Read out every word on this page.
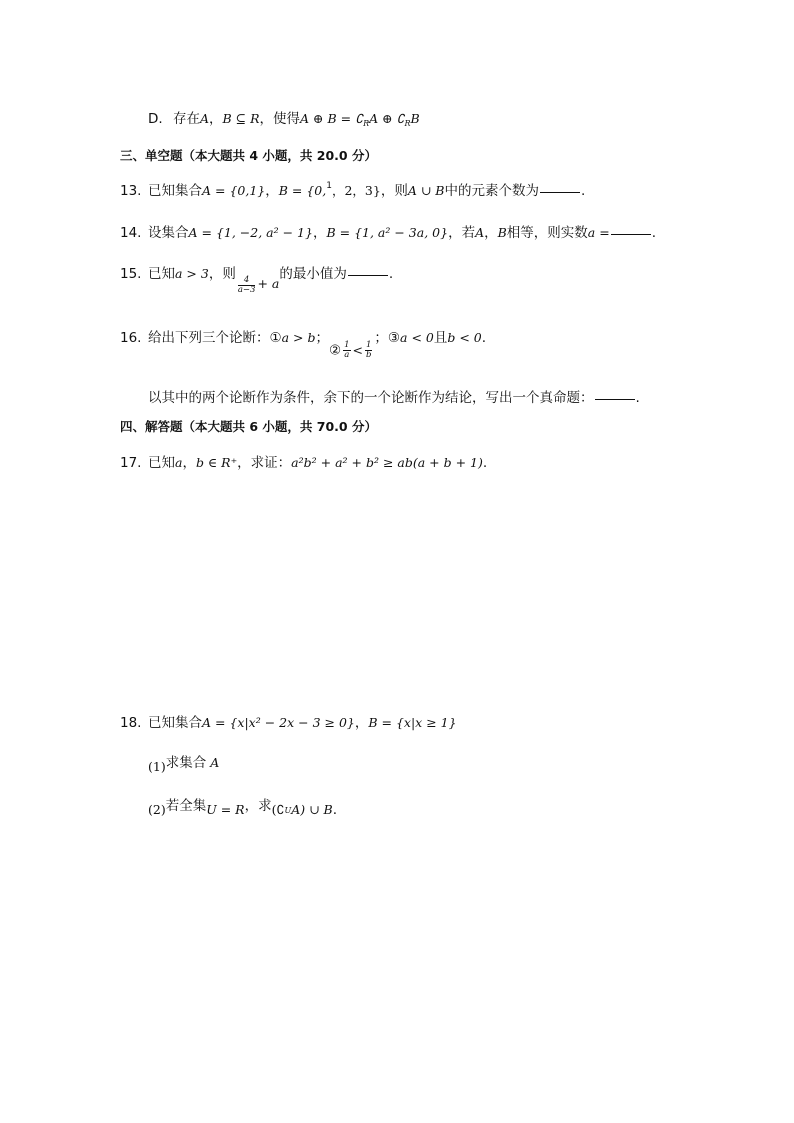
D. 存在A，B ⊆ R，使得A ⊕ $B = ∁_RA$ ⊕ $∁_RB$
三、单空题（本大题共 4 小题，共 20.0 分）
13. 已知集合A = {0,1}，B = {0,$^1$，2，3}，则A ∪ B中的元素个数为	.
14. 设集合A = {1, −2, a² − 1}，B = {1, a² − 3a, 0}，若A，B相等，则实数a =	.
15. 已知a > 3，则
$\frac{4}{a-3} + a$的最小值为	.
16. 给出下列三个论断：①a > b；② $\frac{1}{a} < \frac{1}{b}$
；③a < 0且b < 0.
以其中的两个论断作为条件，余下的一个论断作为结论，写出一个真命题：	.
四、解答题（本大题共 6 小题，共 70.0 分）
17. 已知a，b ∈ R⁺，求证：a²b² + a² + b² ≥ ab(a + b + 1).
18. 已知集合A = {x|x² − 2x − 3 ≥ 0}，B = {x|x ≥ 1}
(1)求集合 A
(2)若全集U = R，求$(∁_UA)$ ∪ B.
